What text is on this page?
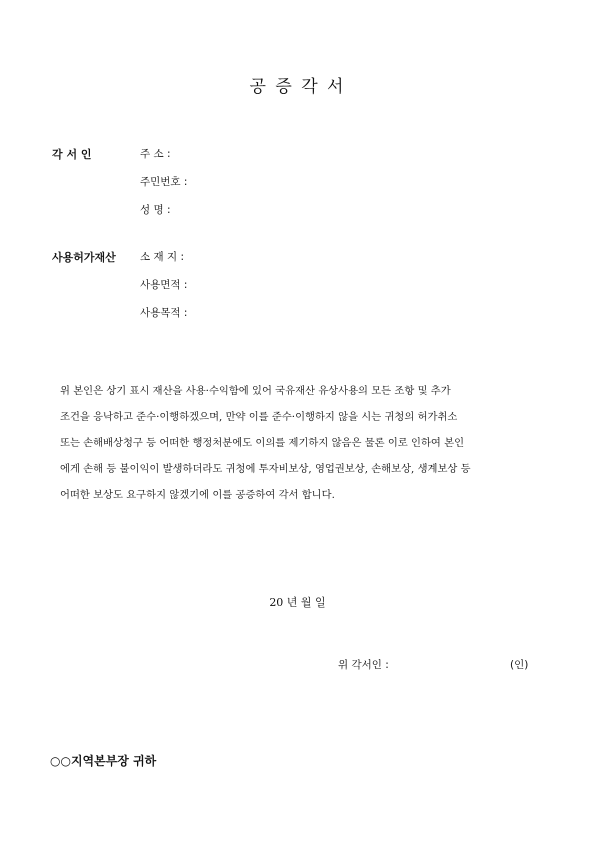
공 증 각 서
각 서 인	주 소 :
주민번호 :
성 명 :
사용허가재산 소 재 지 :
사용면적 :
사용목적 :
위 본인은 상기 표시 재산을 사용·수익함에 있어 국유재산 유상사용의 모든 조항 및 추가
조건을 응낙하고 준수·이행하겠으며, 만약 이를 준수·이행하지 않을 시는 귀청의 허가취소
또는 손해배상청구 등 어떠한 행정처분에도 이의를 제기하지 않음은 물론 이로 인하여 본인
에게 손해 등 불이익이 발생하더라도 귀청에 투자비보상, 영업권보상, 손해보상, 생계보상 등
어떠한 보상도 요구하지 않겠기에 이를 공증하여 각서 합니다.
20 년 월 일
위 각서인 :	(인)
○○지역본부장 귀하
